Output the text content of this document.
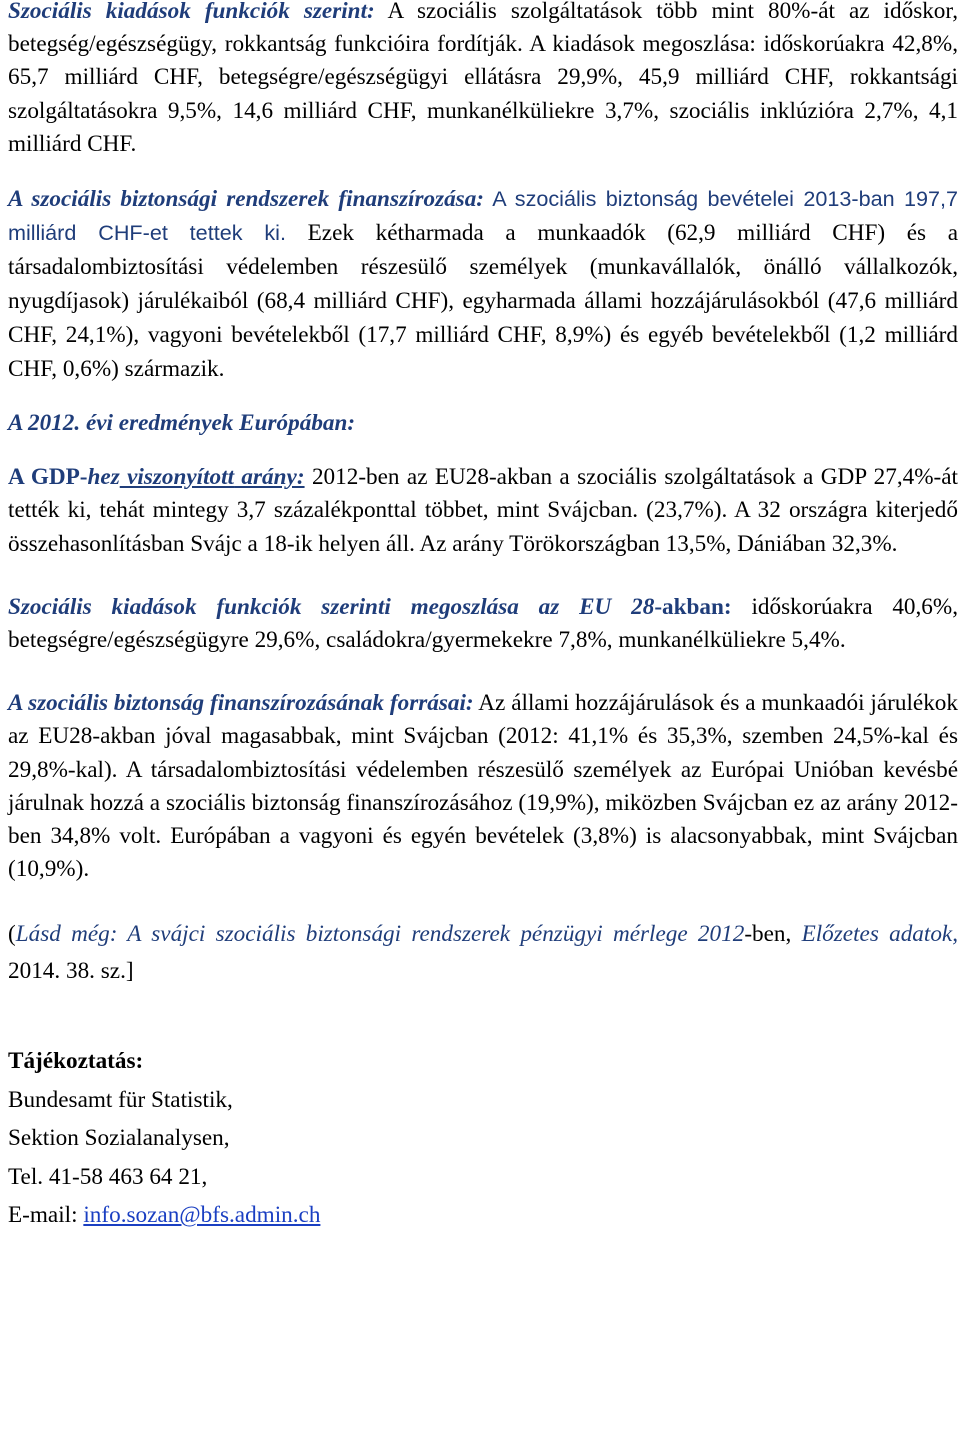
Szociális kiadások funkciók szerint: A szociális szolgáltatások több mint 80%-át az időskor, betegség/egészségügy, rokkantság funkcióira fordítják. A kiadások megoszlása: időskorúakra 42,8%, 65,7 milliárd CHF, betegségre/egészségügyi ellátásra 29,9%, 45,9 milliárd CHF, rokkantsági szolgáltatásokra 9,5%, 14,6 milliárd CHF, munkanélküliekre 3,7%, szociális inklúzióra 2,7%, 4,1 milliárd CHF.

A szociális biztonsági rendszerek finanszírozása: A szociális biztonság bevételei 2013-ban 197,7 milliárd CHF-et tettek ki. Ezek kétharmada a munkaadók (62,9 milliárd CHF) és a társadalombiztosítási védelemben részesülő személyek (munkavállalók, önálló vállalkozók, nyugdíjasok) járulékaiból (68,4 milliárd CHF), egyharmada állami hozzájárulásokból (47,6 milliárd CHF, 24,1%), vagyoni bevételekből (17,7 milliárd CHF, 8,9%) és egyéb bevételekből (1,2 milliárd CHF, 0,6%) származik.

A 2012. évi eredmények Európában:

A GDP-hez viszonyított arány: 2012-ben az EU28-akban a szociális szolgáltatások a GDP 27,4%-át tették ki, tehát mintegy 3,7 százalékponttal többet, mint Svájcban. (23,7%). A 32 országra kiterjedő összehasonlításban Svájc a 18-ik helyen áll. Az arány Törökországban 13,5%, Dániában 32,3%.

Szociális kiadások funkciók szerinti megoszlása az EU 28-akban: időskorúakra 40,6%, betegségre/egészségügyre 29,6%, családokra/gyermekekre 7,8%, munkanélküliekre 5,4%.

A szociális biztonság finanszírozásának forrásai: Az állami hozzájárulások és a munkaadói járulékok az EU28-akban jóval magasabbak, mint Svájcban (2012: 41,1% és 35,3%, szemben 24,5%-kal és 29,8%-kal). A társadalombiztosítási védelemben részesülő személyek az Európai Unióban kevésbé járulnak hozzá a szociális biztonság finanszírozásához (19,9%), miközben Svájcban ez az arány 2012-ben 34,8% volt. Európában a vagyoni és egyén bevételek (3,8%) is alacsonyabbak, mint Svájcban (10,9%).

(Lásd még: A svájci szociális biztonsági rendszerek pénzügyi mérlege 2012-ben, Előzetes adatok, 2014. 38. sz.]

Tájékoztatás:

Bundesamt für Statistik,

Sektion Sozialanalysen,

Tel. 41-58 463 64 21,

E-mail: info.sozan@bfs.admin.ch
